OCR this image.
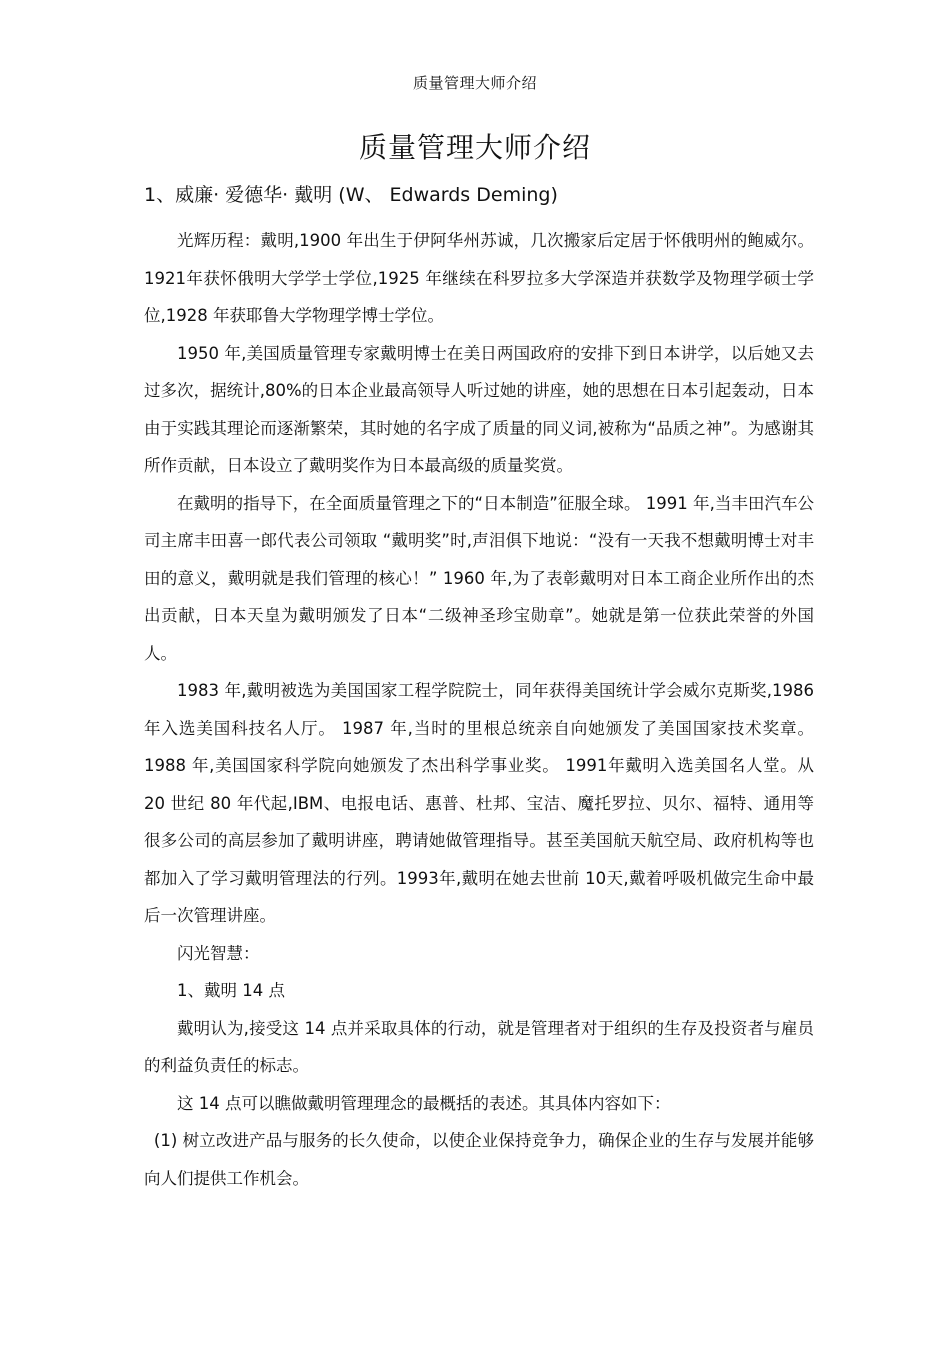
质量管理大师介绍
质量管理大师介绍
1、威廉· 爱德华· 戴明 (W、 Edwards Deming)

光辉历程：戴明,1900 年出生于伊阿华州苏诚，几次搬家后定居于怀俄明州的鲍威尔。1921年获怀俄明大学学士学位,1925 年继续在科罗拉多大学深造并获数学及物理学硕士学位,1928 年获耶鲁大学物理学博士学位。

1950 年,美国质量管理专家戴明博士在美日两国政府的安排下到日本讲学，以后她又去过多次，据统计,80%的日本企业最高领导人听过她的讲座，她的思想在日本引起轰动，日本由于实践其理论而逐渐繁荣，其时她的名字成了质量的同义词,被称为“品质之神”。为感谢其所作贡献，日本设立了戴明奖作为日本最高级的质量奖赏。

在戴明的指导下，在全面质量管理之下的“日本制造”征服全球。 1991 年,当丰田汽车公司主席丰田喜一郎代表公司领取 “戴明奖”时,声泪俱下地说：“没有一天我不想戴明博士对丰田的意义，戴明就是我们管理的核心！” 1960 年,为了表彰戴明对日本工商企业所作出的杰出贡献，日本天皇为戴明颁发了日本“二级神圣珍宝勋章”。她就是第一位获此荣誉的外国人。

1983 年,戴明被选为美国国家工程学院院士，同年获得美国统计学会威尔克斯奖,1986 年入选美国科技名人厅。 1987 年,当时的里根总统亲自向她颁发了美国国家技术奖章。 1988 年,美国国家科学院向她颁发了杰出科学事业奖。 1991年戴明入选美国名人堂。从 20 世纪 80 年代起,IBM、电报电话、惠普、杜邦、宝洁、魔托罗拉、贝尔、福特、通用等很多公司的高层参加了戴明讲座，聘请她做管理指导。甚至美国航天航空局、政府机构等也都加入了学习戴明管理法的行列。1993年,戴明在她去世前 10天,戴着呼吸机做完生命中最后一次管理讲座。

闪光智慧：

1、戴明 14 点

戴明认为,接受这 14 点并采取具体的行动，就是管理者对于组织的生存及投资者与雇员的利益负责任的标志。

这 14 点可以瞧做戴明管理理念的最概括的表述。其具体内容如下：

(1) 树立改进产品与服务的长久使命，以使企业保持竞争力，确保企业的生存与发展并能够向人们提供工作机会。
